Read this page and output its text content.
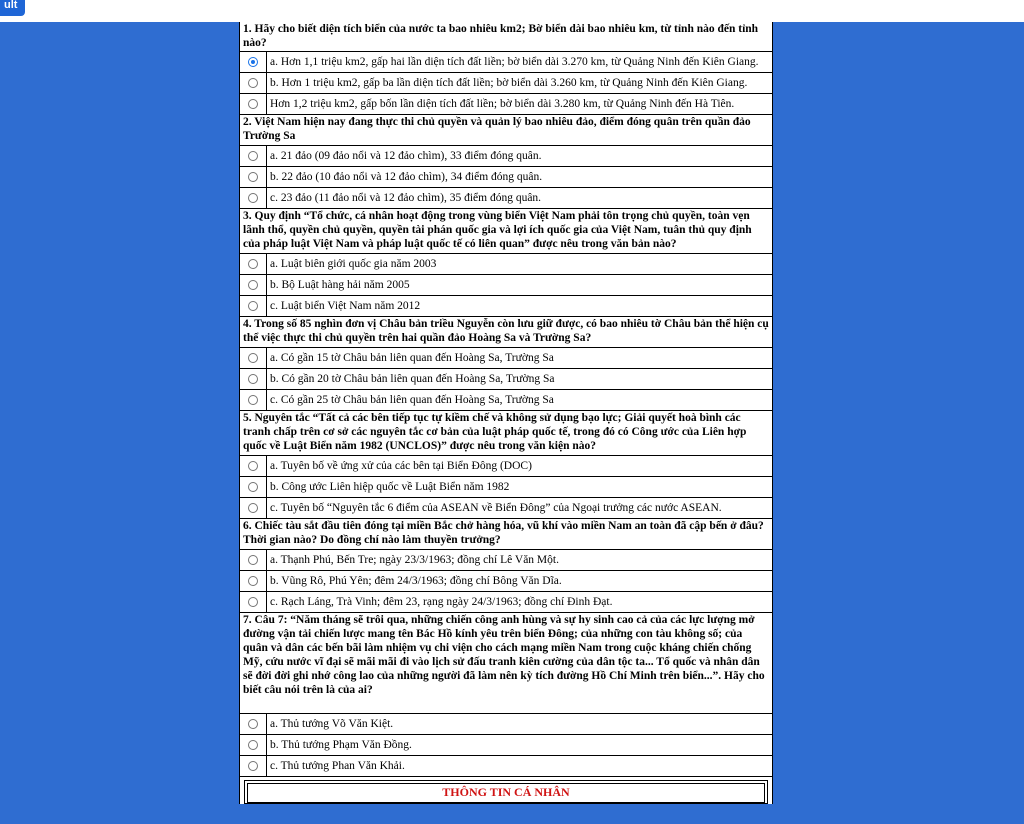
ult
1. Hãy cho biết diện tích biển của nước ta bao nhiêu km2; Bờ biển dài bao nhiêu km, từ tỉnh nào đến tỉnh nào?
a. Hơn 1,1 triệu km2, gấp hai lần diện tích đất liền; bờ biển dài 3.270 km, từ Quảng Ninh đến Kiên Giang.
b. Hơn 1 triệu km2, gấp ba lần diện tích đất liền; bờ biển dài 3.260 km, từ Quảng Ninh đến Kiên Giang.
Hơn 1,2 triệu km2, gấp bốn lần diện tích đất liền; bờ biển dài 3.280 km, từ Quảng Ninh đến Hà Tiên.
2. Việt Nam hiện nay đang thực thi chủ quyền và quản lý bao nhiêu đảo, điểm đóng quân trên quần đảo Trường Sa
a. 21 đảo (09 đảo nổi và 12 đảo chìm), 33 điểm đóng quân.
b. 22 đảo (10 đảo nổi và 12 đảo chìm), 34 điểm đóng quân.
c. 23 đảo (11 đảo nổi và 12 đảo chìm), 35 điểm đóng quân.
3. Quy định “Tổ chức, cá nhân hoạt động trong vùng biển Việt Nam phải tôn trọng chủ quyền, toàn vẹn lãnh thổ, quyền chủ quyền, quyền tài phán quốc gia và lợi ích quốc gia của Việt Nam, tuân thủ quy định của pháp luật Việt Nam và pháp luật quốc tế có liên quan” được nêu trong văn bản nào?
a. Luật biên giới quốc gia năm 2003
b. Bộ Luật hàng hải năm 2005
c. Luật biển Việt Nam năm 2012
4. Trong số 85 nghìn đơn vị Châu bản triều Nguyễn còn lưu giữ được, có bao nhiêu tờ Châu bản thể hiện cụ thể việc thực thi chủ quyền trên hai quần đảo Hoàng Sa và Trường Sa?
a. Có gần 15 tờ Châu bản liên quan đến Hoàng Sa, Trường Sa
b. Có gần 20 tờ Châu bản liên quan đến Hoàng Sa, Trường Sa
c. Có gần 25 tờ Châu bản liên quan đến Hoàng Sa, Trường Sa
5. Nguyên tắc “Tất cả các bên tiếp tục tự kiềm chế và không sử dụng bạo lực; Giải quyết hoà bình các tranh chấp trên cơ sở các nguyên tắc cơ bản của luật pháp quốc tế, trong đó có Công ước của Liên hợp quốc về Luật Biển năm 1982 (UNCLOS)” được nêu trong văn kiện nào?
a. Tuyên bố về ứng xử của các bên tại Biển Đông (DOC)
b. Công ước Liên hiệp quốc về Luật Biển năm 1982
c. Tuyên bố “Nguyên tắc 6 điểm của ASEAN về Biển Đông” của Ngoại trưởng các nước ASEAN.
6. Chiếc tàu sắt đầu tiên đóng tại miền Bắc chở hàng hóa, vũ khí vào miền Nam an toàn đã cập bến ở đâu? Thời gian nào? Do đồng chí nào làm thuyền trưởng?
a. Thạnh Phú, Bến Tre; ngày 23/3/1963; đồng chí Lê Văn Một.
b. Vũng Rô, Phú Yên; đêm 24/3/1963; đồng chí Bông Văn Dĩa.
c. Rạch Láng, Trà Vinh; đêm 23, rạng ngày 24/3/1963; đồng chí Đinh Đạt.
7. Câu 7: “Năm tháng sẽ trôi qua, những chiến công anh hùng và sự hy sinh cao cả của các lực lượng mở đường vận tải chiến lược mang tên Bác Hồ kính yêu trên biển Đông; của những con tàu không số; của quân và dân các bến bãi làm nhiệm vụ chi viện cho cách mạng miền Nam trong cuộc kháng chiến chống Mỹ, cứu nước vĩ đại sẽ mãi mãi đi vào lịch sử đấu tranh kiên cường của dân tộc ta... Tổ quốc và nhân dân sẽ đời đời ghi nhớ công lao của những người đã làm nên kỳ tích đường Hồ Chí Minh trên biển...”. Hãy cho biết câu nói trên là của ai?
a. Thủ tướng Võ Văn Kiệt.
b. Thủ tướng Phạm Văn Đồng.
c. Thủ tướng Phan Văn Khải.
THÔNG TIN CÁ NHÂN
